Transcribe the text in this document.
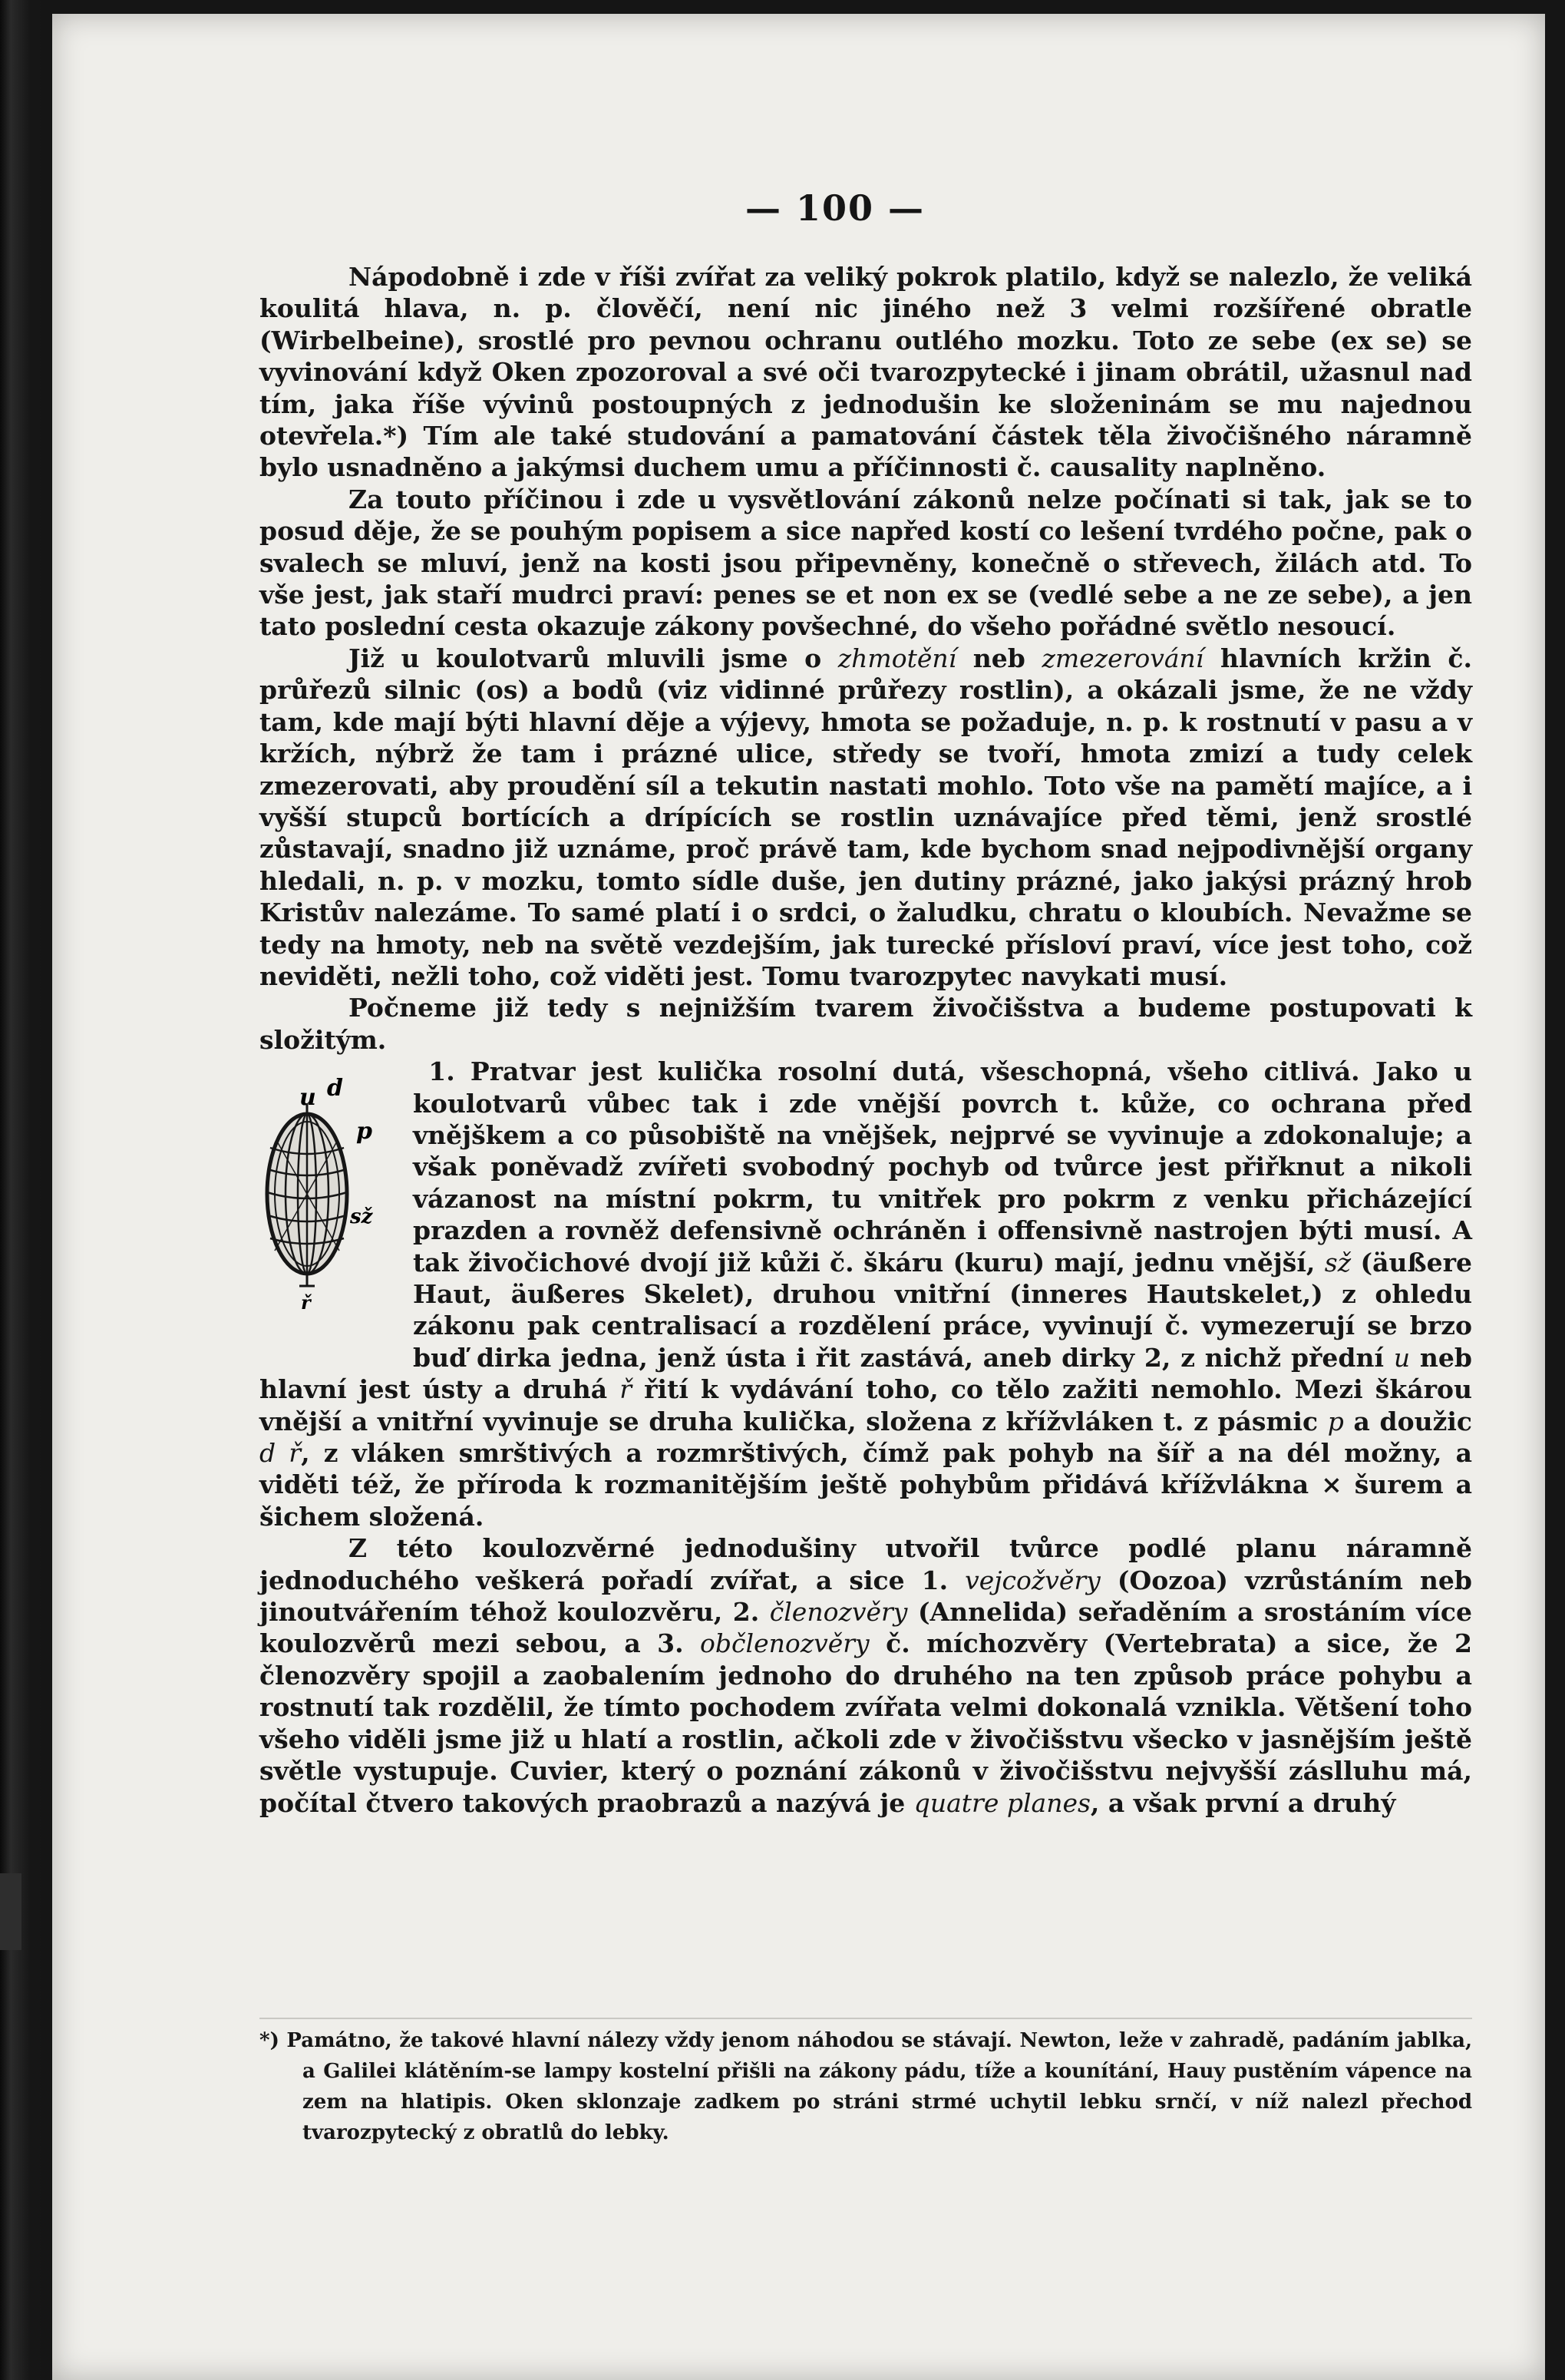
— 100 —

Nápodobně i zde v říši zvířat za veliký pokrok platilo, když se nalezlo, že veliká koulitá hlava, n. p. člověčí, není nic jiného než 3 velmi rozšířené obratle (Wirbelbeine), srostlé pro pevnou ochranu outlého mozku. Toto ze sebe (ex se) se vyvinování když Oken zpozoroval a své oči tvarozpytecké i jinam obrátil, užasnul nad tím, jaka říše vývinů postoupných z jednodušin ke složeninám se mu najednou otevřela.*) Tím ale také studování a pamatování částek těla živočišného náramně bylo usnadněno a jakýmsi duchem umu a příčinnosti č. causality naplněno.

Za touto příčinou i zde u vysvětlování zákonů nelze počínati si tak, jak se to posud děje, že se pouhým popisem a sice napřed kostí co lešení tvrdého počne, pak o svalech se mluví, jenž na kosti jsou připevněny, konečně o střevech, žilách atd. To vše jest, jak staří mudrci praví: penes se et non ex se (vedlé sebe a ne ze sebe), a jen tato poslední cesta okazuje zákony povšechné, do všeho pořádné světlo nesoucí.

Již u koulotvarů mluvili jsme o zhmotění neb zmezerování hlavních kržin č. průřezů silnic (os) a bodů (viz vidinné průřezy rostlin), a okázali jsme, že ne vždy tam, kde mají býti hlavní děje a výjevy, hmota se požaduje, n. p. k rostnutí v pasu a v kržích, nýbrž že tam i prázné ulice, středy se tvoří, hmota zmizí a tudy celek zmezerovati, aby proudění síl a tekutin nastati mohlo. Toto vše na pamětí majíce, a i vyšší stupců bortících a drípících se rostlin uznávajíce před těmi, jenž srostlé zůstavají, snadno již uznáme, proč právě tam, kde bychom snad nejpodivnější organy hledali, n. p. v mozku, tomto sídle duše, jen dutiny prázné, jako jakýsi prázný hrob Kristův nalezáme. To samé platí i o srdci, o žaludku, chratu o kloubích. Nevažme se tedy na hmoty, neb na světě vezdejším, jak turecké přísloví praví, více jest toho, což neviděti, nežli toho, což viděti jest. Tomu tvarozpytec navykati musí.

Počneme již tedy s nejnižším tvarem živočišstva a budeme postupovati k složitým.

u d
p
sž
ř
1. Pratvar jest kulička rosolní dutá, všeschopná, všeho citlivá. Jako u koulotvarů vůbec tak i zde vnější povrch t. kůže, co ochrana před vnějškem a co působiště na vnějšek, nejprvé se vyvinuje a zdokonaluje; a však poněvadž zvířeti svobodný pochyb od tvůrce jest přiřknut a nikoli vázanost na místní pokrm, tu vnitřek pro pokrm z venku přicházející prazden a rovněž defensivně ochráněn i offensivně nastrojen býti musí. A tak živočichové dvojí již kůži č. škáru (kuru) mají, jednu vnější, sž (äußere Haut, äußeres Skelet), druhou vnitřní (inneres Hautskelet,) z ohledu zákonu pak centralisací a rozdělení práce, vyvinují č. vymezerují se brzo buď dirka jedna, jenž ústa i řit zastává, aneb dirky 2, z nichž přední u neb hlavní jest ústy a druhá ř řití k vydávání toho, co tělo zažiti nemohlo. Mezi škárou vnější a vnitřní vyvinuje se druha kulička, složena z křížvláken t. z pásmic p a doužic d ř, z vláken smrštivých a rozmrštivých, čímž pak pohyb na šíř a na dél možny, a viděti též, že příroda k rozmanitějším ještě pohybům přidává křížvlákna × šurem a šichem složená.

Z této koulozvěrné jednodušiny utvořil tvůrce podlé planu náramně jednoduchého veškerá pořadí zvířat, a sice 1. vejcožvěry (Oozoa) vzrůstáním neb jinoutvářením téhož koulozvěru, 2. členozvěry (Annelida) seřaděním a srostáním více koulozvěrů mezi sebou, a 3. občlenozvěry č. míchozvěry (Vertebrata) a sice, že 2 členozvěry spojil a zaobalením jednoho do druhého na ten způsob práce pohybu a rostnutí tak rozdělil, že tímto pochodem zvířata velmi dokonalá vznikla. Většení toho všeho viděli jsme již u hlatí a rostlin, ačkoli zde v živočišstvu všecko v jasnějším ještě světle vystupuje. Cuvier, který o poznání zákonů v živočišstvu nejvyšší záslluhu má, počítal čtvero takových praobrazů a nazývá je quatre planes, a však první a druhý

*) Památno, že takové hlavní nálezy vždy jenom náhodou se stávají. Newton, leže v zahradě, padáním jablka, a Galilei klátěním-se lampy kostelní přišli na zákony pádu, tíže a kounítání, Hauy pustěním vápence na zem na hlatipis. Oken sklonzaje zadkem po stráni strmé uchytil lebku srnčí, v níž nalezl přechod tvarozpytecký z obratlů do lebky.
